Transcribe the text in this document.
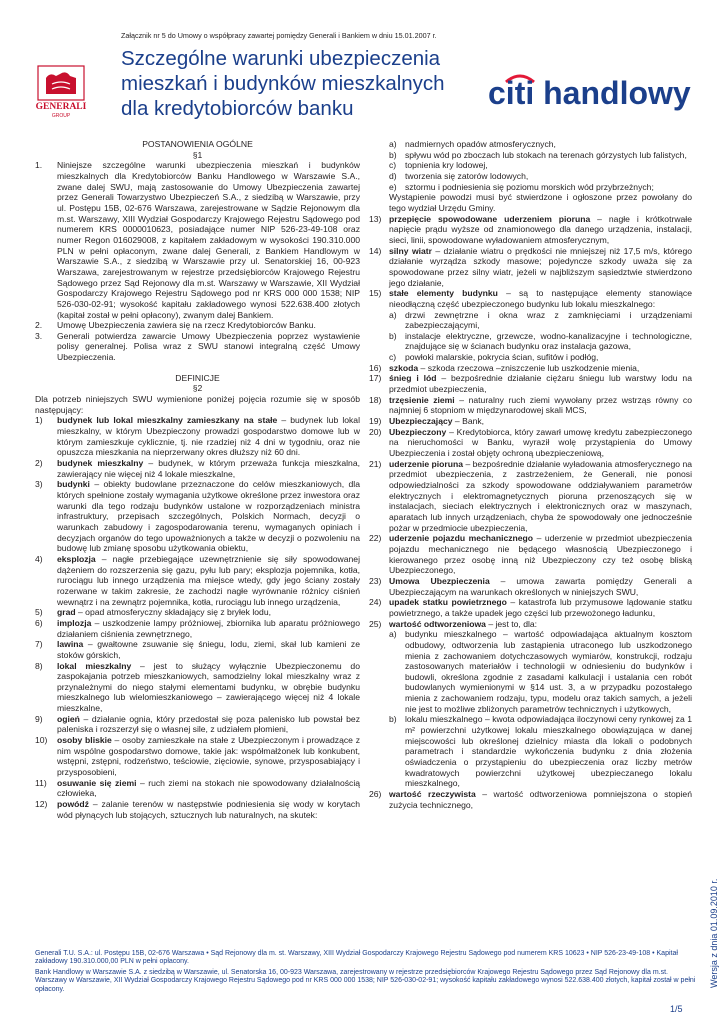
Załącznik nr 5 do Umowy o współpracy zawartej pomiędzy Generali i Bankiem w dniu 15.01.2007 r.
GENERALI
GROUP
Szczególne warunki ubezpieczenia
mieszkań i budynków mieszkalnych
dla kredytobiorców banku	citi handlowy
POSTANOWIENIA OGÓLNE
§1
1.	Niniejsze szczególne warunki ubezpieczenia mieszkań i budynków mieszkalnych dla Kredytobiorców Banku Handlowego w Warszawie S.A., zwane dalej SWU, mają zastosowanie do Umowy Ubezpieczenia zawartej przez Generali Towarzystwo Ubezpieczeń S.A., z siedzibą w Warszawie, przy ul. Postępu 15B, 02-676 Warszawa, zarejestrowane w Sądzie Rejonowym dla m.st. Warszawy, XIII Wydział Gospodarczy Krajowego Rejestru Sądowego pod numerem KRS 0000010623, posiadające numer NIP 526-23-49-108 oraz numer Regon 016029008, z kapitałem zakładowym w wysokości 190.310.000 PLN w pełni opłaconym, zwane dalej Generali, z Bankiem Handlowym w Warszawie S.A., z siedzibą w Warszawie przy ul. Senatorskiej 16, 00-923 Warszawa, zarejestrowanym w rejestrze przedsiębiorców Krajowego Rejestru Sądowego przez Sąd Rejonowy dla m.st. Warszawy w Warszawie, XII Wydział Gospodarczy Krajowego Rejestru Sądowego pod nr KRS 000 000 1538; NIP 526-030-02-91; wysokość kapitału zakładowego wynosi 522.638.400 złotych (kapitał został w pełni opłacony), zwanym dalej Bankiem.
2.	Umowę Ubezpieczenia zawiera się na rzecz Kredytobiorców Banku.
3.	Generali potwierdza zawarcie Umowy Ubezpieczenia poprzez wystawienie polisy generalnej. Polisa wraz z SWU stanowi integralną część Umowy Ubezpieczenia.
DEFINICJE
§2

Dla potrzeb niniejszych SWU wymienione poniżej pojęcia rozumie się w sposób następujący:

1)	budynek lub lokal mieszkalny zamieszkany na stałe – budynek lub lokal mieszkalny, w którym Ubezpieczony prowadzi gospodarstwo domowe lub w którym zamieszkuje cyklicznie, tj. nie rzadziej niż 4 dni w tygodniu, oraz nie opuszcza mieszkania na nieprzerwany okres dłuższy niż 60 dni.
2)	budynek mieszkalny – budynek, w którym przeważa funkcja mieszkalna, zawierający nie więcej niż 4 lokale mieszkalne,
3)	budynki – obiekty budowlane przeznaczone do celów mieszkaniowych, dla których spełnione zostały wymagania użytkowe określone przez inwestora oraz warunki dla tego rodzaju budynków ustalone w rozporządzeniach ministra infrastruktury, przepisach szczególnych, Polskich Normach, decyzji o warunkach zabudowy i zagospodarowania terenu, wymaganych opiniach i decyzjach organów do tego upoważnionych a także w decyzji o pozwoleniu na budowę lub zmianę sposobu użytkowania obiektu,
4)	eksplozja – nagłe przebiegające uzewnętrznienie się siły spowodowanej dążeniem do rozszerzenia się gazu, pyłu lub pary; eksplozja pojemnika, kotła, rurociągu lub innego urządzenia ma miejsce wtedy, gdy jego ściany zostały rozerwane w takim zakresie, że zachodzi nagłe wyrównanie różnicy ciśnień wewnątrz i na zewnątrz pojemnika, kotła, rurociągu lub innego urządzenia,
5)	grad – opad atmosferyczny składający się z bryłek lodu,
6)	implozja – uszkodzenie lampy próżniowej, zbiornika lub aparatu próżniowego działaniem ciśnienia zewnętrznego,
7)	lawina – gwałtowne zsuwanie się śniegu, lodu, ziemi, skał lub kamieni ze stoków górskich,
8)	lokal mieszkalny – jest to służący wyłącznie Ubezpieczonemu do zaspokajania potrzeb mieszkaniowych, samodzielny lokal mieszkalny wraz z przynależnymi do niego stałymi elementami budynku, w obrębie budynku mieszkalnego lub wielomieszkaniowego – zawierającego więcej niż 4 lokale mieszkalne,
9)	ogień – działanie ognia, który przedostał się poza palenisko lub powstał bez paleniska i rozszerzył się o własnej sile, z udziałem płomieni,
10)	osoby bliskie – osoby zamieszkałe na stałe z Ubezpieczonym i prowadzące z nim wspólne gospodarstwo domowe, takie jak: współmałżonek lub konkubent, wstępni, zstępni, rodzeństwo, teściowie, zięciowie, synowe, przysposabiający i przysposobieni,
11)	osuwanie się ziemi – ruch ziemi na stokach nie spowodowany działalnością człowieka,
12)	powódź – zalanie terenów w następstwie podniesienia się wody w korytach wód płynących lub stojących, sztucznych lub naturalnych, na skutek:
a) nadmiernych opadów atmosferycznych,
b) spływu wód po zboczach lub stokach na terenach górzystych lub falistych,
c)	topnienia kry lodowej,
d) tworzenia się zatorów lodowych,
e) sztormu i podniesienia się poziomu morskich wód przybrzeżnych;

Wystąpienie powodzi musi być stwierdzone i ogłoszone przez powołany do tego wydział Urzędu Gminy.

13) przepięcie spowodowane uderzeniem pioruna – nagłe i krótkotrwałe napięcie prądu wyższe od znamionowego dla danego urządzenia, instalacji, sieci, linii, spowodowane wyładowaniem atmosferycznym,
14) silny wiatr – działanie wiatru o prędkości nie mniejszej niż 17,5 m/s, którego działanie wyrządza szkody masowe; pojedyncze szkody uważa się za spowodowane przez silny wiatr, jeżeli w najbliższym sąsiedztwie stwierdzono jego działanie,
15) stałe elementy budynku – są to następujące elementy stanowiące nieodłączną część ubezpieczonego budynku lub lokalu mieszkalnego:
a) drzwi zewnętrzne i okna wraz z zamknięciami i urządzeniami zabezpieczającymi,
b) instalacje elektryczne, grzewcze, wodno-kanalizacyjne i technologiczne, znajdujące się w ścianach budynku oraz instalacja gazowa,
c)	powłoki malarskie, pokrycia ścian, sufitów i podłóg,
16) szkoda – szkoda rzeczowa –zniszczenie lub uszkodzenie mienia,
17) śnieg i lód – bezpośrednie działanie ciężaru śniegu lub warstwy lodu na przedmiot ubezpieczenia,
18) trzęsienie ziemi – naturalny ruch ziemi wywołany przez wstrząs równy co najmniej 6 stopniom w międzynarodowej skali MCS,
19) Ubezpieczający – Bank,
20) Ubezpieczony – Kredytobiorca, który zawarł umowę kredytu zabezpieczonego na nieruchomości w Banku, wyraził wolę przystąpienia do Umowy Ubezpieczenia i został objęty ochroną ubezpieczeniową,
21) uderzenie pioruna – bezpośrednie działanie wyładowania atmosferycznego na przedmiot ubezpieczenia, z zastrzeżeniem, że Generali, nie ponosi odpowiedzialności za szkody spowodowane oddziaływaniem parametrów elektrycznych i elektromagnetycznych pioruna przenoszących się w instalacjach, sieciach elektrycznych i elektronicznych oraz w maszynach, aparatach lub innych urządzeniach, chyba że spowodowały one jednocześnie pożar w przedmiocie ubezpieczenia,
22) uderzenie pojazdu mechanicznego – uderzenie w przedmiot ubezpieczenia pojazdu mechanicznego nie będącego własnością Ubezpieczonego i kierowanego przez osobę inną niż Ubezpieczony czy też osobę bliską Ubezpieczonego,
23) Umowa Ubezpieczenia – umowa zawarta pomiędzy Generali a Ubezpieczającym na warunkach określonych w niniejszych SWU,
24) upadek statku powietrznego – katastrofa lub przymusowe lądowanie statku powietrznego, a także upadek jego części lub przewożonego ładunku,
25) wartość odtworzeniowa – jest to, dla:
a) budynku mieszkalnego – wartość odpowiadająca aktualnym kosztom odbudowy, odtworzenia lub zastąpienia utraconego lub uszkodzonego mienia z zachowaniem dotychczasowych wymiarów, konstrukcji, rodzaju zastosowanych materiałów i technologii w odniesieniu do budynków i budowli, określona zgodnie z zasadami kalkulacji i ustalania cen robót budowlanych wymienionymi w §14 ust. 3, a w przypadku pozostałego mienia z zachowaniem rodzaju, typu, modelu oraz takich samych, a jeżeli nie jest to możliwe zbliżonych parametrów technicznych i użytkowych,
b) lokalu mieszkalnego – kwota odpowiadająca iloczynowi ceny rynkowej za 1 m² powierzchni użytkowej lokalu mieszkalnego obowiązująca w danej miejscowości lub określonej dzielnicy miasta dla lokali o podobnych parametrach i standardzie wykończenia budynku z dnia złożenia oświadczenia o przystąpieniu do ubezpieczenia oraz liczby metrów kwadratowych powierzchni użytkowej ubezpieczanego lokalu mieszkalnego,
26) wartość rzeczywista – wartość odtworzeniowa pomniejszona o stopień zużycia technicznego,

Generali T.U. S.A.: ul. Postępu 15B, 02-676 Warszawa • Sąd Rejonowy dla m. st. Warszawy, XIII Wydział Gospodarczy Krajowego Rejestru Sądowego pod numerem KRS 10623 • NIP 526-23-49-108 • Kapitał zakładowy 190.310.000,00 PLN w pełni opłacony.

Bank Handlowy w Warszawie S.A. z siedzibą w Warszawie, ul. Senatorska 16, 00-923 Warszawa, zarejestrowany w rejestrze przedsiębiorców Krajowego Rejestru Sądowego przez Sąd Rejonowy dla m.st. Warszawy w Warszawie, XII Wydział Gospodarczy Krajowego Rejestru Sądowego pod nr KRS 000 000 1538; NIP 526-030-02-91; wysokość kapitału zakładowego wynosi 522.638.400 złotych, kapitał został w pełni opłacony.

Wersja z dnia 01.09.2010 r.
1/5
